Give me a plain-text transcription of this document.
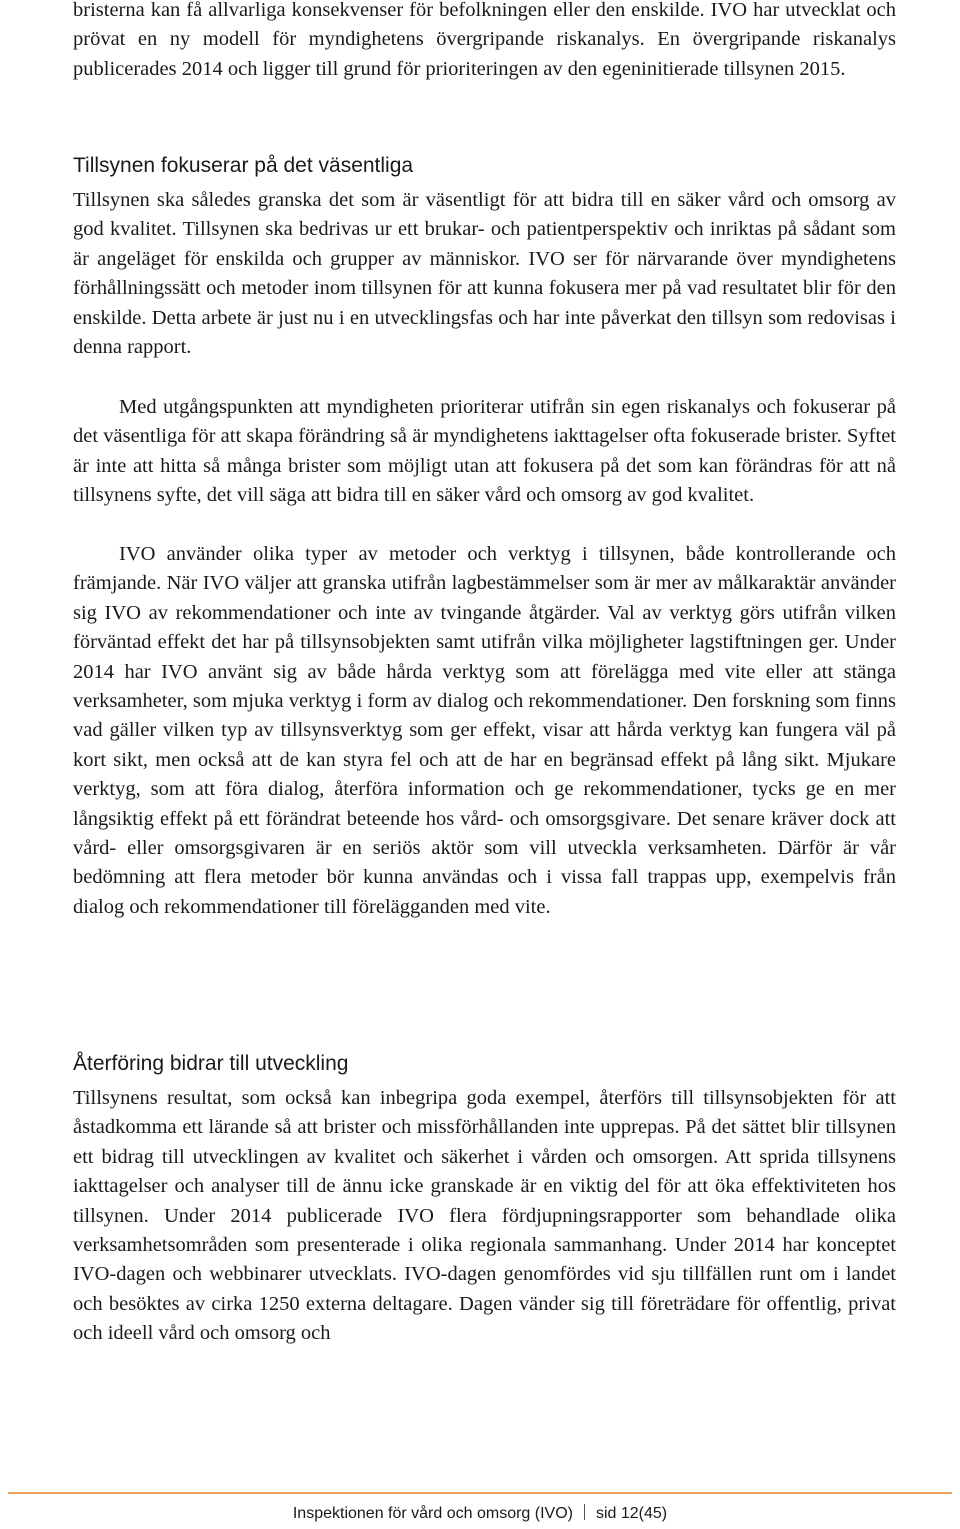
bristerna kan få allvarliga konsekvenser för befolkningen eller den enskilde. IVO har utvecklat och prövat en ny modell för myndighetens övergripande riskanalys. En övergripande riskanalys publicerades 2014 och ligger till grund för prioriteringen av den egeninitierade tillsynen 2015.

Tillsynen fokuserar på det väsentliga

Tillsynen ska således granska det som är väsentligt för att bidra till en säker vård och omsorg av god kvalitet. Tillsynen ska bedrivas ur ett brukar- och patientperspektiv och inriktas på sådant som är angeläget för enskilda och grupper av människor. IVO ser för närvarande över myndighetens förhållningssätt och metoder inom tillsynen för att kunna fokusera mer på vad resultatet blir för den enskilde. Detta arbete är just nu i en utvecklingsfas och har inte påverkat den tillsyn som redovisas i denna rapport.

Med utgångspunkten att myndigheten prioriterar utifrån sin egen riskanalys och fokuserar på det väsentliga för att skapa förändring så är myndighetens iakttagelser ofta fokuserade brister. Syftet är inte att hitta så många brister som möjligt utan att fokusera på det som kan förändras för att nå tillsynens syfte, det vill säga att bidra till en säker vård och omsorg av god kvalitet.

IVO använder olika typer av metoder och verktyg i tillsynen, både kontrollerande och främjande. När IVO väljer att granska utifrån lagbestämmelser som är mer av målkaraktär använder sig IVO av rekommendationer och inte av tvingande åtgärder. Val av verktyg görs utifrån vilken förväntad effekt det har på tillsynsobjekten samt utifrån vilka möjligheter lagstiftningen ger. Under 2014 har IVO använt sig av både hårda verktyg som att förelägga med vite eller att stänga verksamheter, som mjuka verktyg i form av dialog och rekommendationer. Den forskning som finns vad gäller vilken typ av tillsynsverktyg som ger effekt, visar att hårda verktyg kan fungera väl på kort sikt, men också att de kan styra fel och att de har en begränsad effekt på lång sikt. Mjukare verktyg, som att föra dialog, återföra information och ge rekommendationer, tycks ge en mer långsiktig effekt på ett förändrat beteende hos vård- och omsorgsgivare. Det senare kräver dock att vård- eller omsorgsgivaren är en seriös aktör som vill utveckla verksamheten. Därför är vår bedömning att flera metoder bör kunna användas och i vissa fall trappas upp, exempelvis från dialog och rekommendationer till förelägganden med vite.

Återföring bidrar till utveckling

Tillsynens resultat, som också kan inbegripa goda exempel, återförs till tillsynsobjekten för att åstadkomma ett lärande så att brister och missförhållanden inte upprepas. På det sättet blir tillsynen ett bidrag till utvecklingen av kvalitet och säkerhet i vården och omsorgen. Att sprida tillsynens iakttagelser och analyser till de ännu icke granskade är en viktig del för att öka effektiviteten hos tillsynen. Under 2014 publicerade IVO flera fördjupningsrapporter som behandlade olika verksamhetsområden som presenterade i olika regionala sammanhang. Under 2014 har konceptet IVO-dagen och webbinarer utvecklats. IVO-dagen genomfördes vid sju tillfällen runt om i landet och besöktes av cirka 1250 externa deltagare. Dagen vänder sig till företrädare för offentlig, privat och ideell vård och omsorg och

Inspektionen för vård och omsorg (IVO) sid 12(45)
